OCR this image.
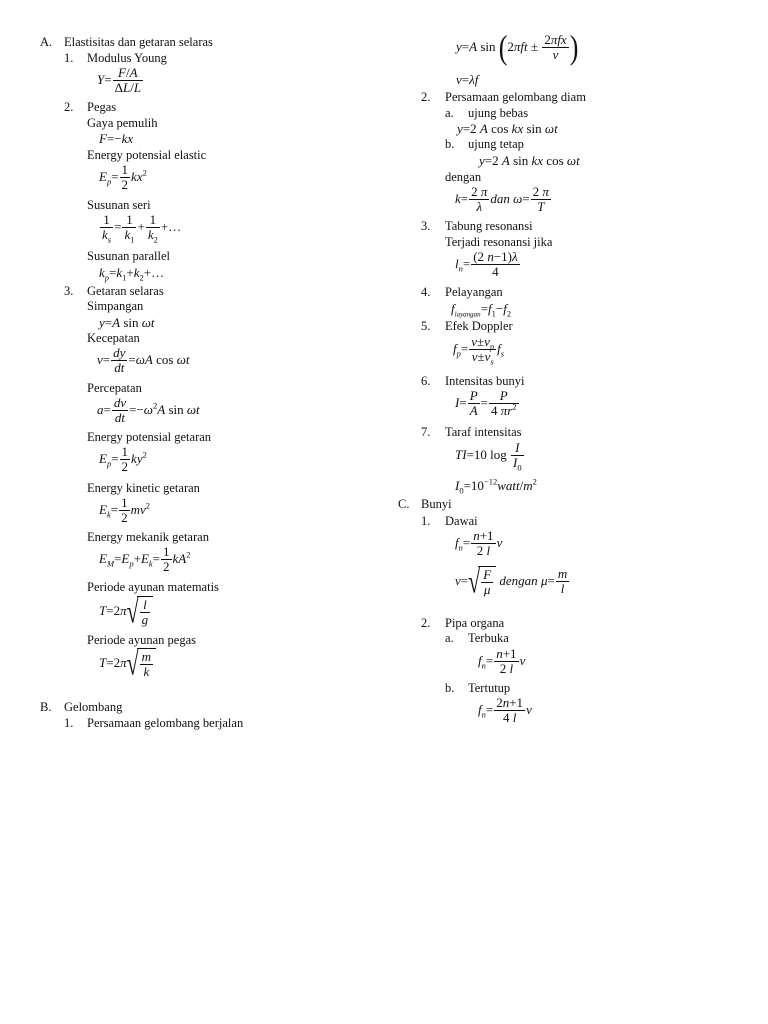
A. Elastisitas dan getaran selaras
1. Modulus Young
$Y= \frac{F/A}{\Delta L/L}$
2. Pegas
Gaya pemulih
F=−kx
Energy potensial elastic
$E_p= \frac{1}{2} kx^2$
Susunan seri
$\frac{1}{k_s} = \frac{1}{k_1} + \frac{1}{k_2}$ +…
Susunan parallel
$k_p=k_1+k_2+\dots$
3. Getaran selaras
Simpangan
y=A sin ωt
Kecepatan
$v= \frac{dy}{dt} =\omega A$ cos ωt
Percepatan
$a= \frac{dv}{dt} =-\omega^2A$ sin ωt
Energy potensial getaran
$E_p= \frac{1}{2} ky^2$
Energy kinetic getaran
$E_k= \frac{1}{2} mv^2$
Energy mekanik getaran
$E_M=E_p+E_k= \frac{1}{2} kA^2$
Periode ayunan matematis
$T=2\pi√ \frac{l}{g}$
Periode ayunan pegas
$T=2\pi√ \frac{m}{k}$
B. Gelombang
1. Persamaan gelombang berjalan
y=A $\sin (2\pi ft \pm \frac{\text{2πfx}}{v}$ )
v=λf
2. Persamaan gelombang diam
a. ujung bebas
y=2 A cos kx sin ωt
b. ujung tetap
y=2 A sin kx cos ωt
dengan
$k= \frac{2 \pi}{\lambda}$ dan $\omega= \frac{2 \pi}{T}$
3. Tabung resonansi
Terjadi resonansi jika
$l_n= \frac{(2 n-1)\lambda}{4}$
4. Pelayangan
$f_{layangan}=f_1-f_2$
5. Efek Doppler
$f_p= \frac{v\pm v_p}{v\pm v_s} f_s$
6. Intensitas bunyi
$I= \frac{P}{A} = \frac{P}{4 \pi r^2}$
7. Taraf intensitas
TI=10 $\log \frac{I}{I_0}$
$I_0=10^{-12}watt/m^2$
C. Bunyi
1. Dawai
$f_n= \frac{n+1}{2 l}$ v
$v=√ \frac{F}{\mu}$ dengan $\mu= \frac{m}{l}$
2. Pipa organa
a. Terbuka
$f_n= \frac{n+1}{2 l}$ v
b. Tertutup
$f_n= \frac{2n+1}{4 l}$ v
